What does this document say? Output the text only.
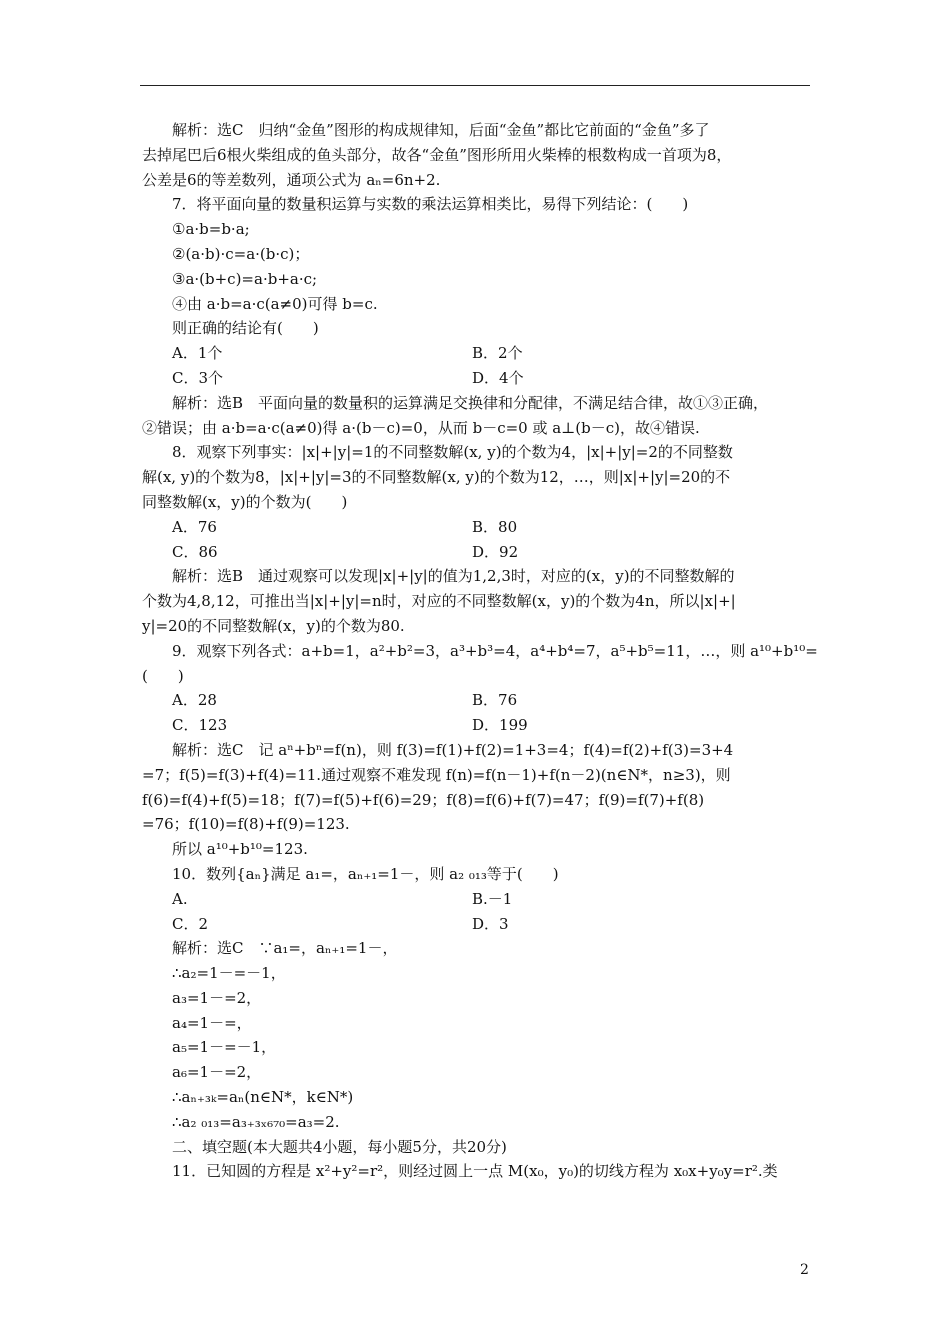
解析：选C　归纳“金鱼”图形的构成规律知，后面“金鱼”都比它前面的“金鱼”多了
去掉尾巴后6根火柴组成的鱼头部分，故各“金鱼”图形所用火柴棒的根数构成一首项为8，
公差是6的等差数列，通项公式为 aₙ=6n+2.
7．将平面向量的数量积运算与实数的乘法运算相类比，易得下列结论：(　　)
①a·b=b·a;
②(a·b)·c=a·(b·c)；
③a·(b+c)=a·b+a·c;
④由 a·b=a·c(a≠0)可得 b=c.
则正确的结论有(　　)
A．1个	B．2个
C．3个	D．4个
解析：选B　平面向量的数量积的运算满足交换律和分配律，不满足结合律，故①③正确，
②错误；由 a·b=a·c(a≠0)得 a·(b－c)=0，从而 b－c=0 或 a⊥(b－c)，故④错误.
8．观察下列事实：|x|+|y|=1的不同整数解(x, y)的个数为4，|x|+|y|=2的不同整数
解(x, y)的个数为8，|x|+|y|=3的不同整数解(x, y)的个数为12，…，则|x|+|y|=20的不
同整数解(x，y)的个数为(　　)
A．76	B．80
C．86	D．92
解析：选B　通过观察可以发现|x|+|y|的值为1,2,3时，对应的(x，y)的不同整数解的
个数为4,8,12，可推出当|x|+|y|=n时，对应的不同整数解(x，y)的个数为4n，所以|x|+|
y|=20的不同整数解(x，y)的个数为80.
9．观察下列各式：a+b=1，a²+b²=3，a³+b³=4，a⁴+b⁴=7，a⁵+b⁵=11，…，则 a¹⁰+b¹⁰=
(　　)
A．28	B．76
C．123	D．199
解析：选C　记 aⁿ+bⁿ=f(n)，则 f(3)=f(1)+f(2)=1+3=4；f(4)=f(2)+f(3)=3+4
=7；f(5)=f(3)+f(4)=11.通过观察不难发现 f(n)=f(n－1)+f(n－2)(n∈N*，n≥3)，则
f(6)=f(4)+f(5)=18；f(7)=f(5)+f(6)=29；f(8)=f(6)+f(7)=47；f(9)=f(7)+f(8)
=76；f(10)=f(8)+f(9)=123.
所以 a¹⁰+b¹⁰=123.
10．数列{aₙ}满足 a₁=，aₙ₊₁=1－，则 a₂ ₀₁₃等于(　　)
A.	B.－1
C．2	D．3
解析：选C　∵a₁=，aₙ₊₁=1－，
∴a₂=1－=－1，
a₃=1－=2，
a₄=1－=，
a₅=1－=－1，
a₆=1－=2，
∴aₙ₊₃ₖ=aₙ(n∈N*，k∈N*)
∴a₂ ₀₁₃=a₃₊₃ₓ₆₇₀=a₃=2.
二、填空题(本大题共4小题，每小题5分，共20分)
11．已知圆的方程是 x²+y²=r²，则经过圆上一点 M(x₀，y₀)的切线方程为 x₀x+y₀y=r².类
2
